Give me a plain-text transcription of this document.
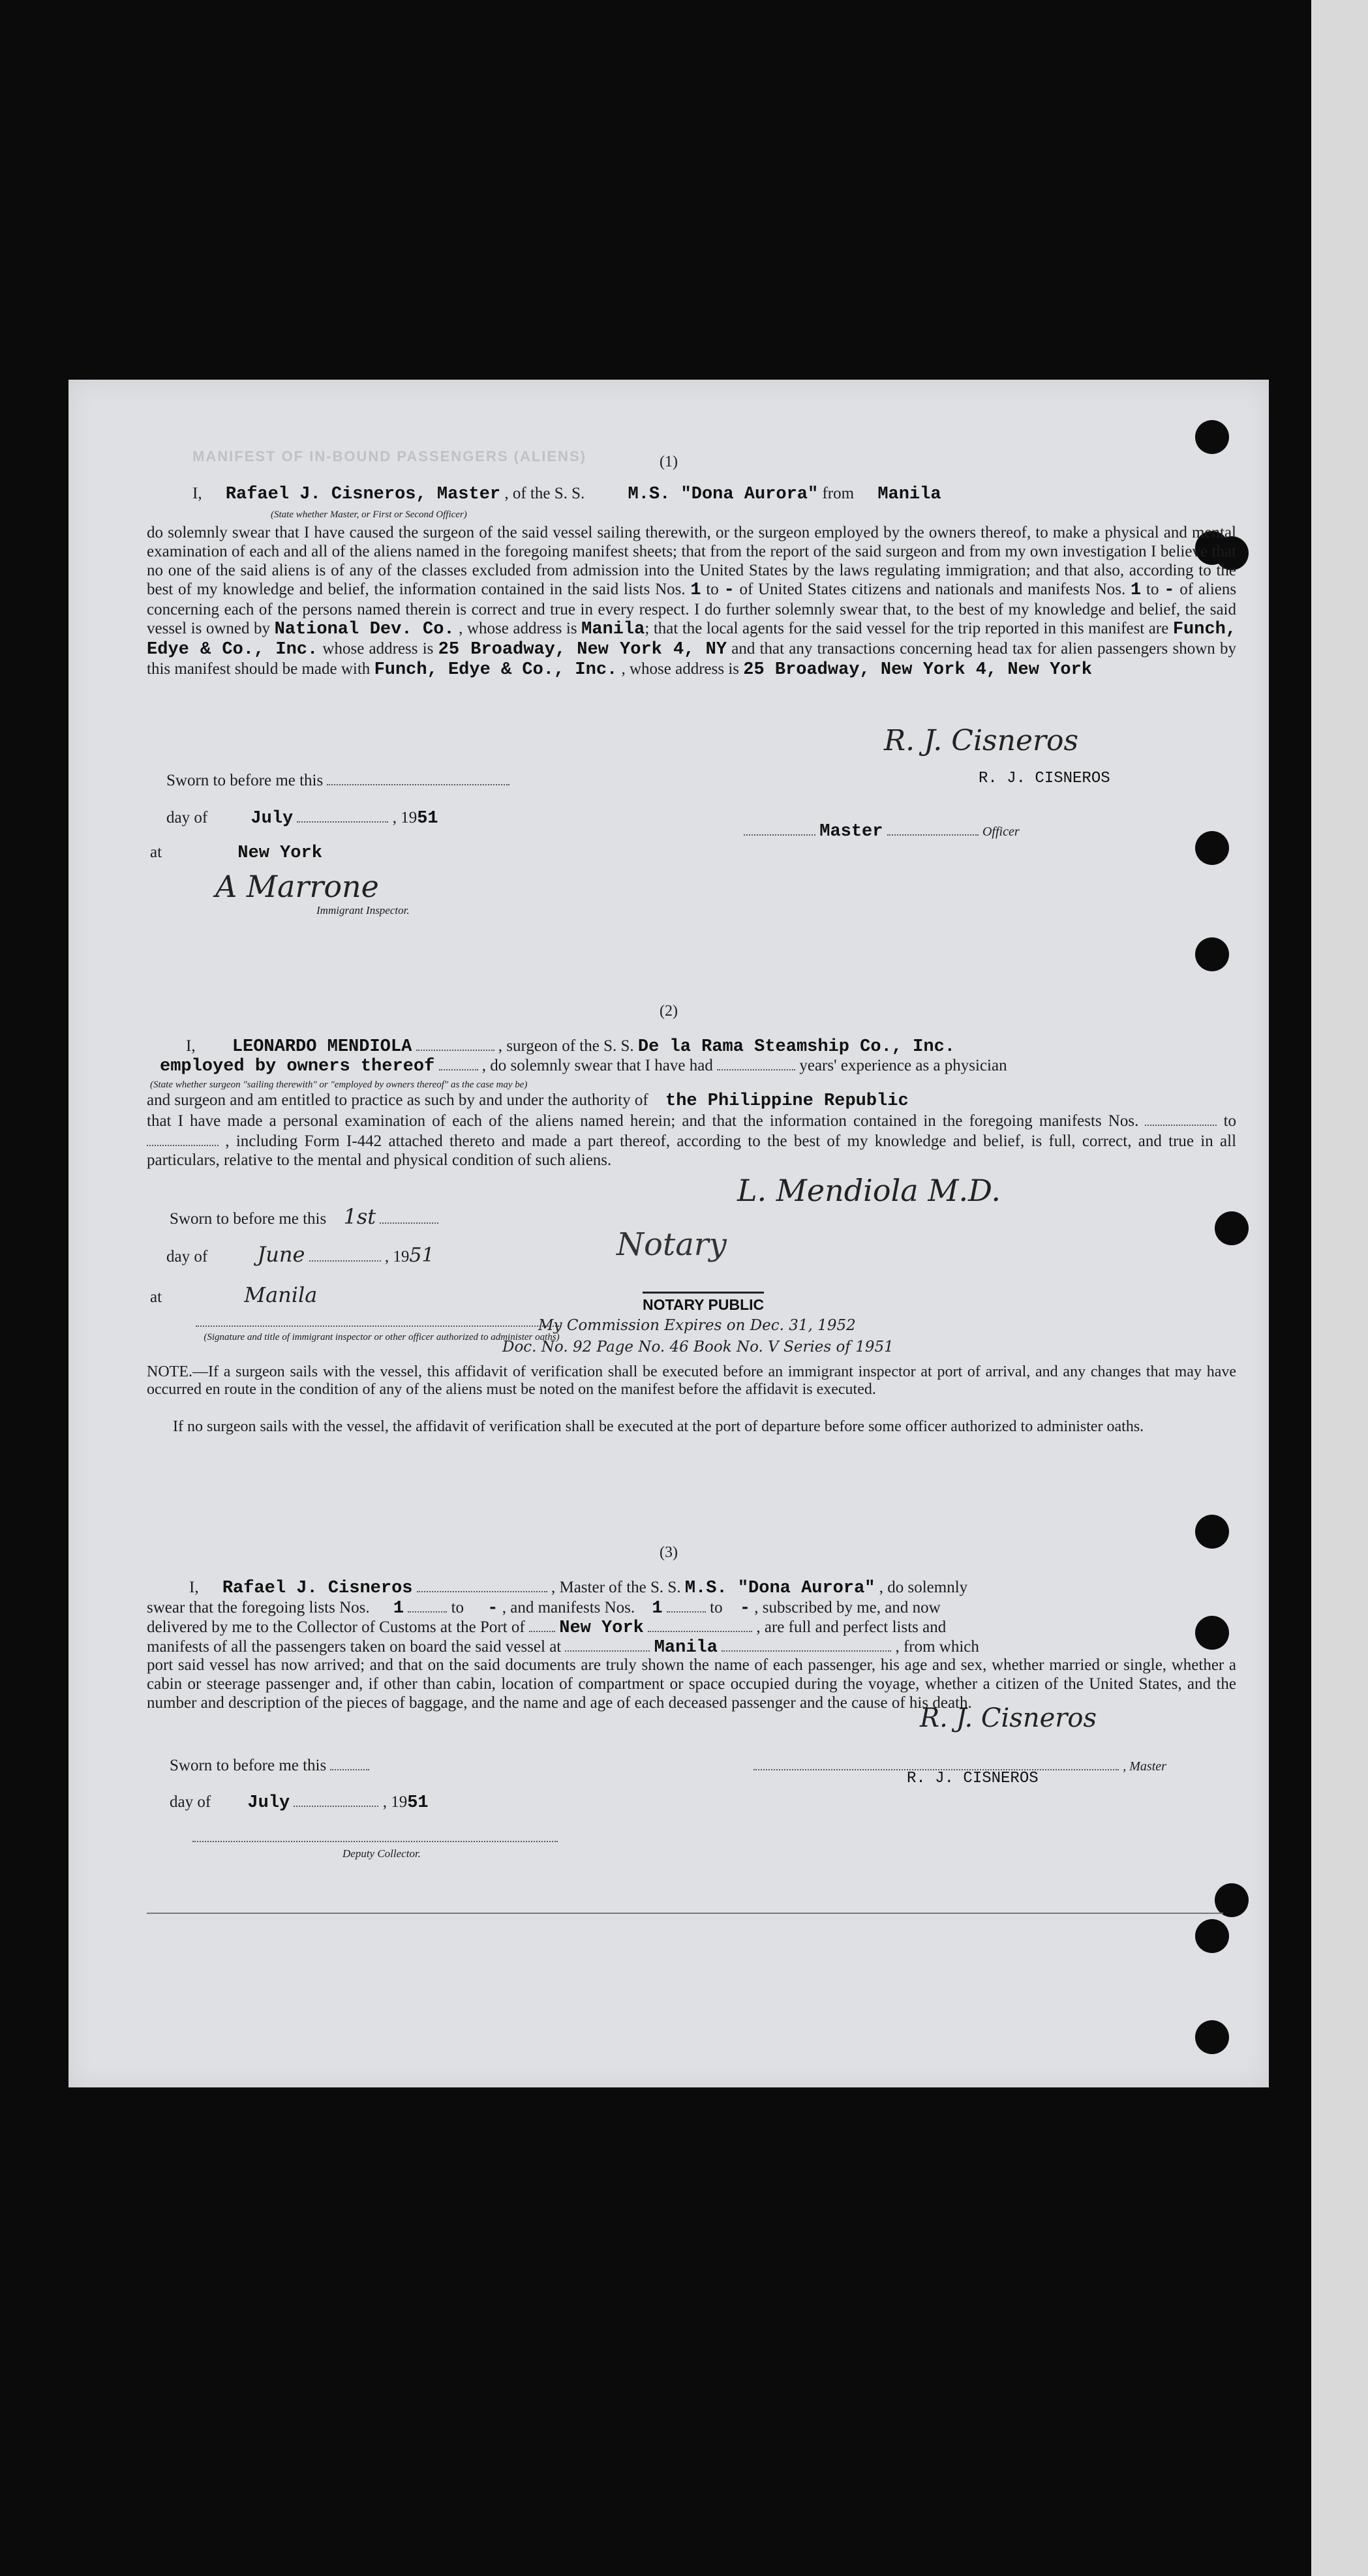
MANIFEST OF IN-BOUND PASSENGERS (ALIENS)	(1)
I, Rafael J. Cisneros, Master , of the S. S. M.S. "Dona Aurora" from Manila
(State whether Master, or First or Second Officer)
do solemnly swear that I have caused the surgeon of the said vessel sailing therewith, or the surgeon employed by the owners thereof, to make a physical and mental examination of each and all of the aliens named in the foregoing manifest sheets; that from the report of the said surgeon and from my own investigation I believe that no one of the said aliens is of any of the classes excluded from admission into the United States by the laws regulating immigration; and that also, according to the best of my knowledge and belief, the information contained in the said lists Nos. 1 to - of United States citizens and nationals and manifests Nos. 1 to - of aliens concerning each of the persons named therein is correct and true in every respect. I do further solemnly swear that, to the best of my knowledge and belief, the said vessel is owned by National Dev. Co. , whose address is Manila; that the local agents for the said vessel for the trip reported in this manifest are Funch, Edye & Co., Inc. whose address is 25 Broadway, New York 4, NY and that any transactions concerning head tax for alien passengers shown by this manifest should be made with Funch, Edye & Co., Inc. , whose address is 25 Broadway, New York 4, New York
Sworn to before me this
day of July	, 1951
at	New York
A Marrone
Immigrant Inspector.
R. J. Cisneros
R. J. CISNEROS
Master	Officer
(2)
I, LEONARDO MENDIOLA	, surgeon of the S. S. De la Rama Steamship Co., Inc.
employed by owners thereof	, do solemnly swear that I have had	years' experience as a physician
(State whether surgeon "sailing therewith" or "employed by owners thereof" as the case may be)
and surgeon and am entitled to practice as such by and under the authority of the Philippine Republic
that I have made a personal examination of each of the aliens named herein; and that the information contained in the foregoing manifests Nos.	to  , including Form I-442 attached thereto and made a part thereof, according to the best of my knowledge and belief, is full, correct, and true in all particulars, relative to the mental and physical condition of such aliens.
Sworn to before me this 1st
day of June	, 1951
at	Manila
(Signature and title of immigrant inspector or other officer authorized to administer oaths)
L. Mendiola M.D.
Notary
NOTARY PUBLIC
My Commission Expires on Dec. 31, 1952
Doc. No. 92 Page No. 46 Book No. V Series of 1951
NOTE.—If a surgeon sails with the vessel, this affidavit of verification shall be executed before an immigrant inspector at port of arrival, and any changes that may have occurred en route in the condition of any of the aliens must be noted on the manifest before the affidavit is executed.
If no surgeon sails with the vessel, the affidavit of verification shall be executed at the port of departure before some officer authorized to administer oaths.
(3)
I, Rafael J. Cisneros	, Master of the S. S. M.S. "Dona Aurora" , do solemnly
swear that the foregoing lists Nos. 1	to - , and manifests Nos. 1	to - , subscribed by me, and now
delivered by me to the Collector of Customs at the Port of New York	, are full and perfect lists and
manifests of all the passengers taken on board the said vessel at	Manila	, from which
port said vessel has now arrived; and that on the said documents are truly shown the name of each passenger, his age and sex, whether married or single, whether a cabin or steerage passenger and, if other than cabin, location of compartment or space occupied during the voyage, whether a citizen of the United States, and the number and description of the pieces of baggage, and the name and age of each deceased passenger and the cause of his death.
Sworn to before me this
day of July	, 1951
Deputy Collector.
R. J. Cisneros
, Master
R. J. CISNEROS
